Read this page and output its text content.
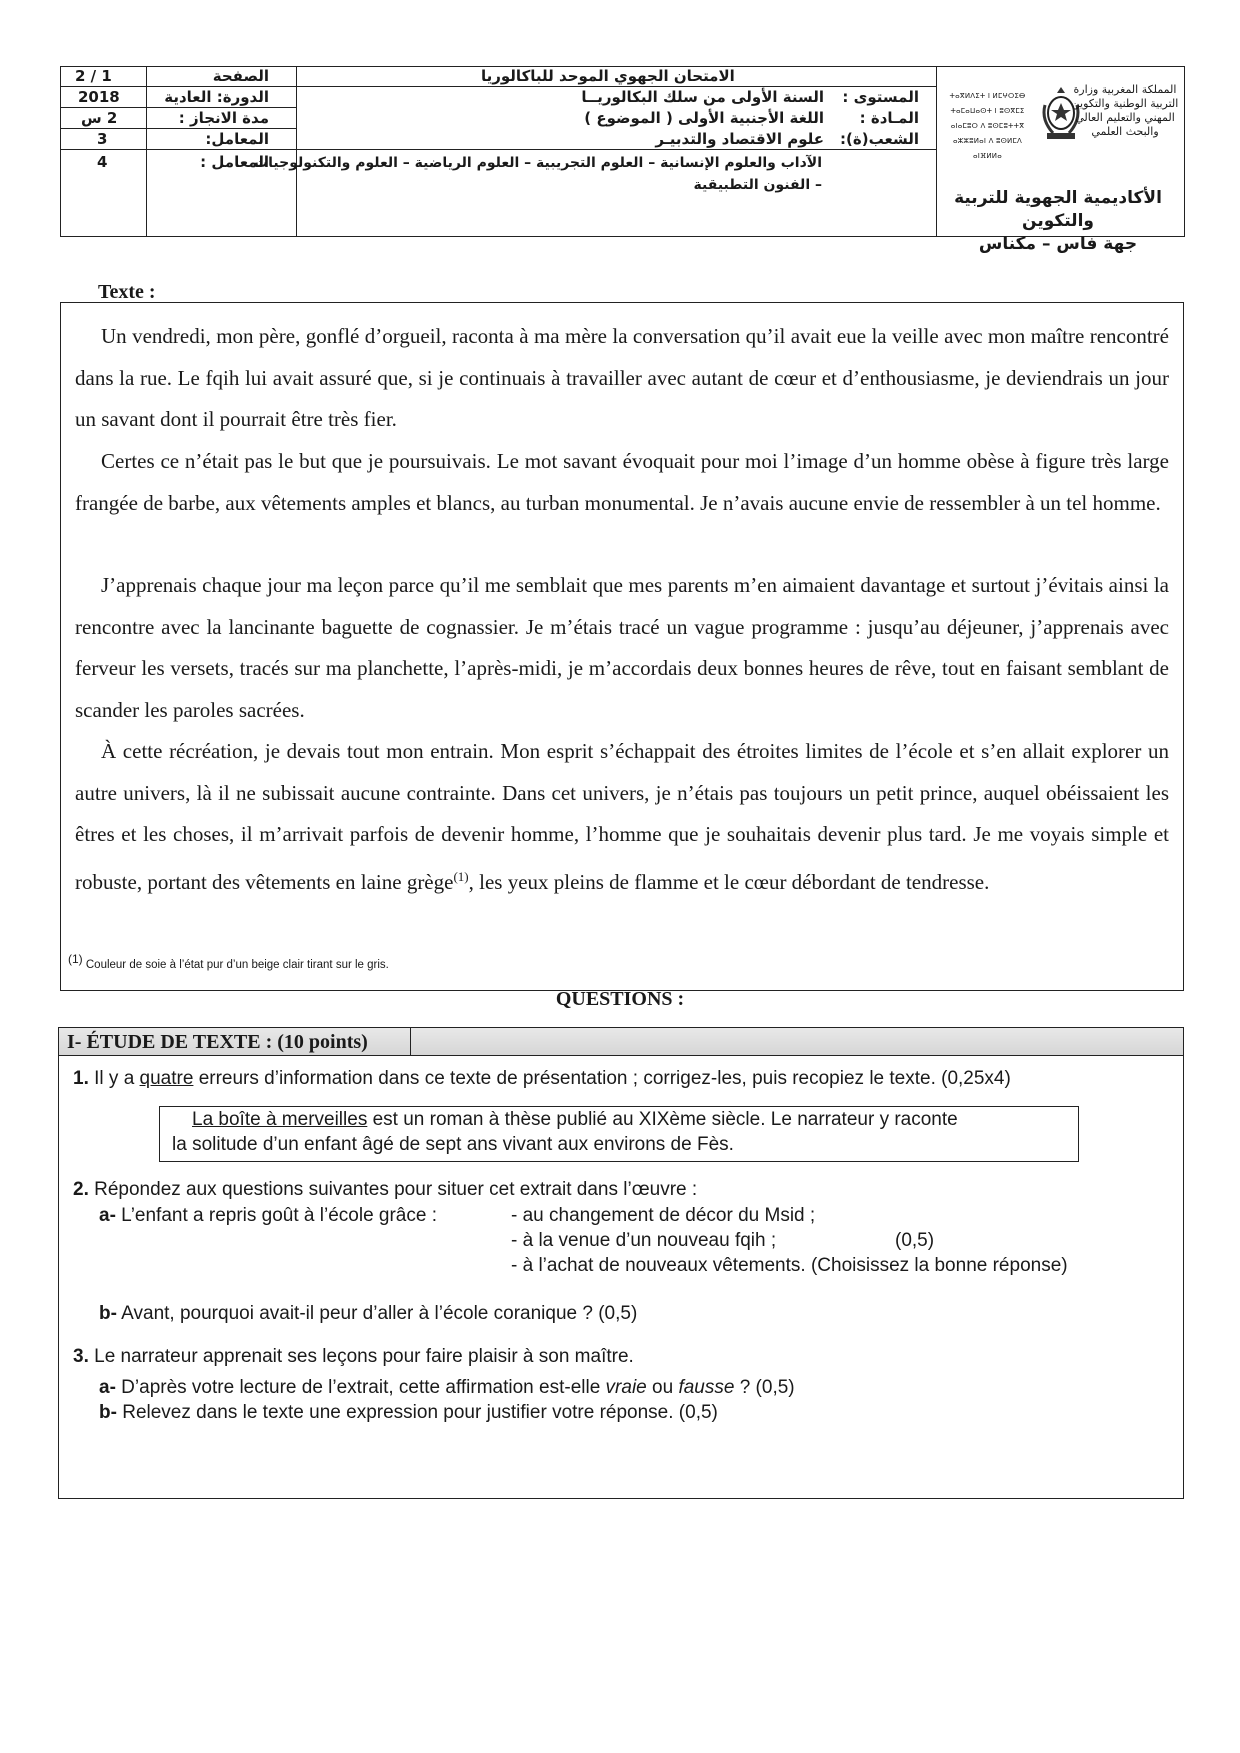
2 / 1
2018
2 س
3
4
الصفحة
الدورة: العادية
مدة الانجاز :
المعامل:
المعامل :
الامتحان الجهوي الموحد للباكالوريا
المستوى :
السنة الأولى من سلك البكالوريــا
المـادة :
اللغة الأجنبية الأولى ( الموضوع )
الشعب(ة):
علوم الاقتصاد والتدبيـر
الآداب والعلوم الإنسانية – العلوم التجريبية – العلوم الرياضية – العلوم والتكنولوجيات
– الفنون التطبيقية
المملكة المغربية وزارة التربية الوطنية والتكوين المهني والتعليم العالي والبحث العلمي
ⵜⴰⴳⵍⴷⵉⵜ ⵏ ⵍⵎⵖⵔⵉⴱ ⵜⴰⵎⴰⵡⴰⵙⵜ ⵏ ⵓⵙⴳⵎⵉ ⴰⵏⴰⵎⵓⵔ ⴷ ⵓⵙⵎⵓⵜⵜⴳ ⴰⵣⵣⵓⵍⴰⵏ ⴷ ⵓⵙⵍⵎⴷ ⴰⵏⴼⵍⵍⴰ
الأكاديمية الجهوية للتربية والتكوين
جهة فاس – مكناس
Texte :

Un vendredi, mon père, gonflé d’orgueil, raconta à ma mère la conversation qu’il avait eue la veille avec mon maître rencontré dans la rue. Le fqih lui avait assuré que, si je continuais à travailler avec autant de cœur et d’enthousiasme, je deviendrais un jour un savant dont il pourrait être très fier.

Certes ce n’était pas le but que je poursuivais. Le mot savant évoquait pour moi l’image d’un homme obèse à figure très large frangée de barbe, aux vêtements amples et blancs, au turban monumental. Je n’avais aucune envie de ressembler à un tel homme.

J’apprenais chaque jour ma leçon parce qu’il me semblait que mes parents m’en aimaient davantage et surtout j’évitais ainsi la rencontre avec la lancinante baguette de cognassier. Je m’étais tracé un vague programme : jusqu’au déjeuner, j’apprenais avec ferveur les versets, tracés sur ma planchette, l’après-midi, je m’accordais deux bonnes heures de rêve, tout en faisant semblant de scander les paroles sacrées.

À cette récréation, je devais tout mon entrain. Mon esprit s’échappait des étroites limites de l’école et s’en allait explorer un autre univers, là il ne subissait aucune contrainte. Dans cet univers, je n’étais pas toujours un petit prince, auquel obéissaient les êtres et les choses, il m’arrivait parfois de devenir homme, l’homme que je souhaitais devenir plus tard. Je me voyais simple et robuste, portant des vêtements en laine grège$^{(1)}$, les yeux pleins de flamme et le cœur débordant de tendresse.

$^{(1)}$ Couleur de soie à l’état pur d’un beige clair tirant sur le gris.
QUESTIONS :
I- ÉTUDE DE TEXTE : (10 points)
1. Il y a quatre erreurs d’information dans ce texte de présentation ; corrigez-les, puis recopiez le texte. (0,25x4)
La boîte à merveilles est un roman à thèse publié au XIXème siècle. Le narrateur y raconte
la solitude d’un enfant âgé de sept ans vivant aux environs de Fès.
2. Répondez aux questions suivantes pour situer cet extrait dans l’œuvre :
a- L’enfant a repris goût à l’école grâce :	- au changement de décor du Msid ;
- à la venue d’un nouveau fqih ;	(0,5)
- à l’achat de nouveaux vêtements. (Choisissez la bonne réponse)
b- Avant, pourquoi avait-il peur d’aller à l’école coranique ? (0,5)
3. Le narrateur apprenait ses leçons pour faire plaisir à son maître.
a- D’après votre lecture de l’extrait, cette affirmation est-elle vraie ou fausse ? (0,5)
b- Relevez dans le texte une expression pour justifier votre réponse. (0,5)
